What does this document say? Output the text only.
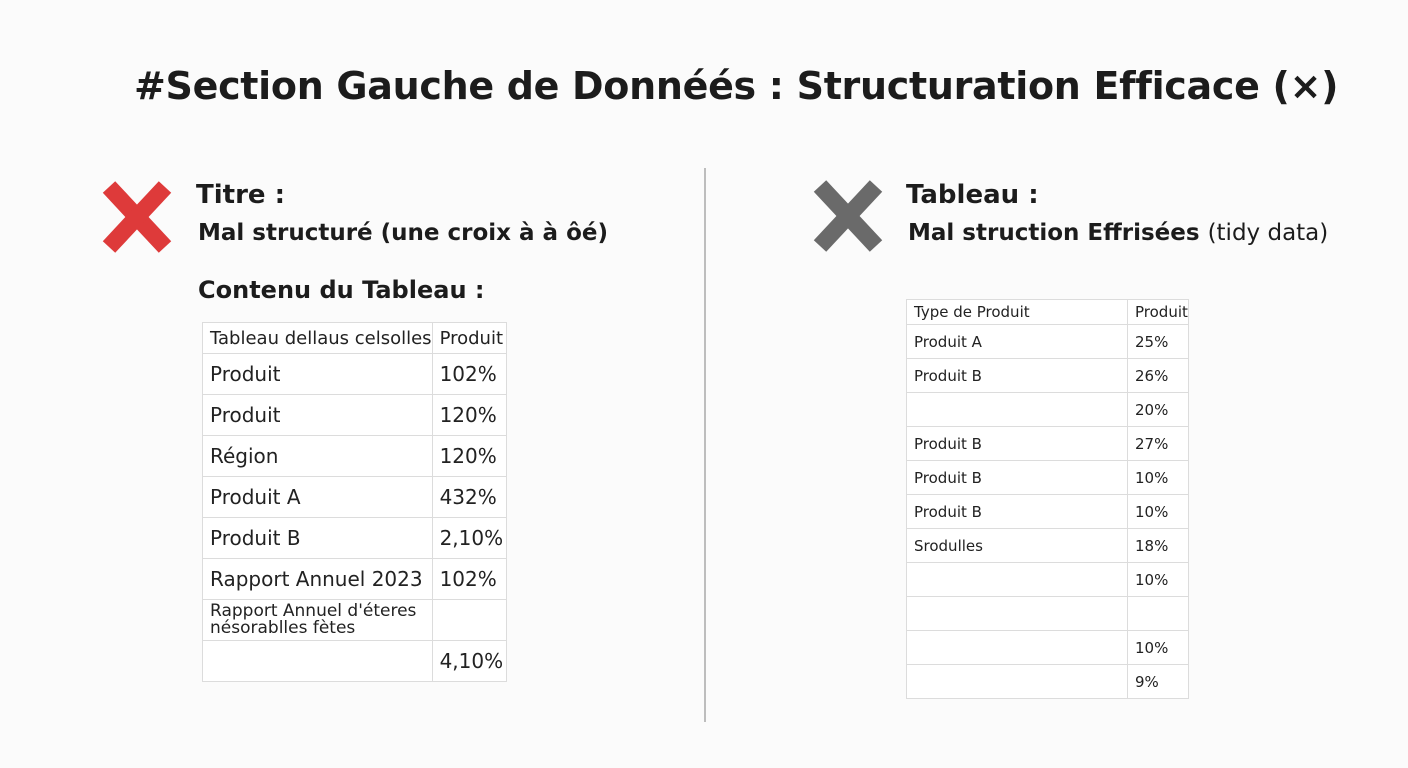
#Section Gauche de Donnéés : Structuration Efficace (×)
Titre :
Mal structuré (une croix à à ôé)
Contenu du Tableau :
Tableau dellaus celsolles	Produit
Produit	102%
Produit	120%
Région	120%
Produit A	432%
Produit B	2,10%
Rapport Annuel 2023	102%
Rapport Annuel d'éteres
nésorablles fètes	
	4,10%
Tableau :
Mal struction Effrisées (tidy data)
Type de Produit	Produit
Produit A	25%
Produit B	26%
	20%
Produit B	27%
Produit B	10%
Produit B	10%
Srodulles	18%
	10%

	10%
	9%
